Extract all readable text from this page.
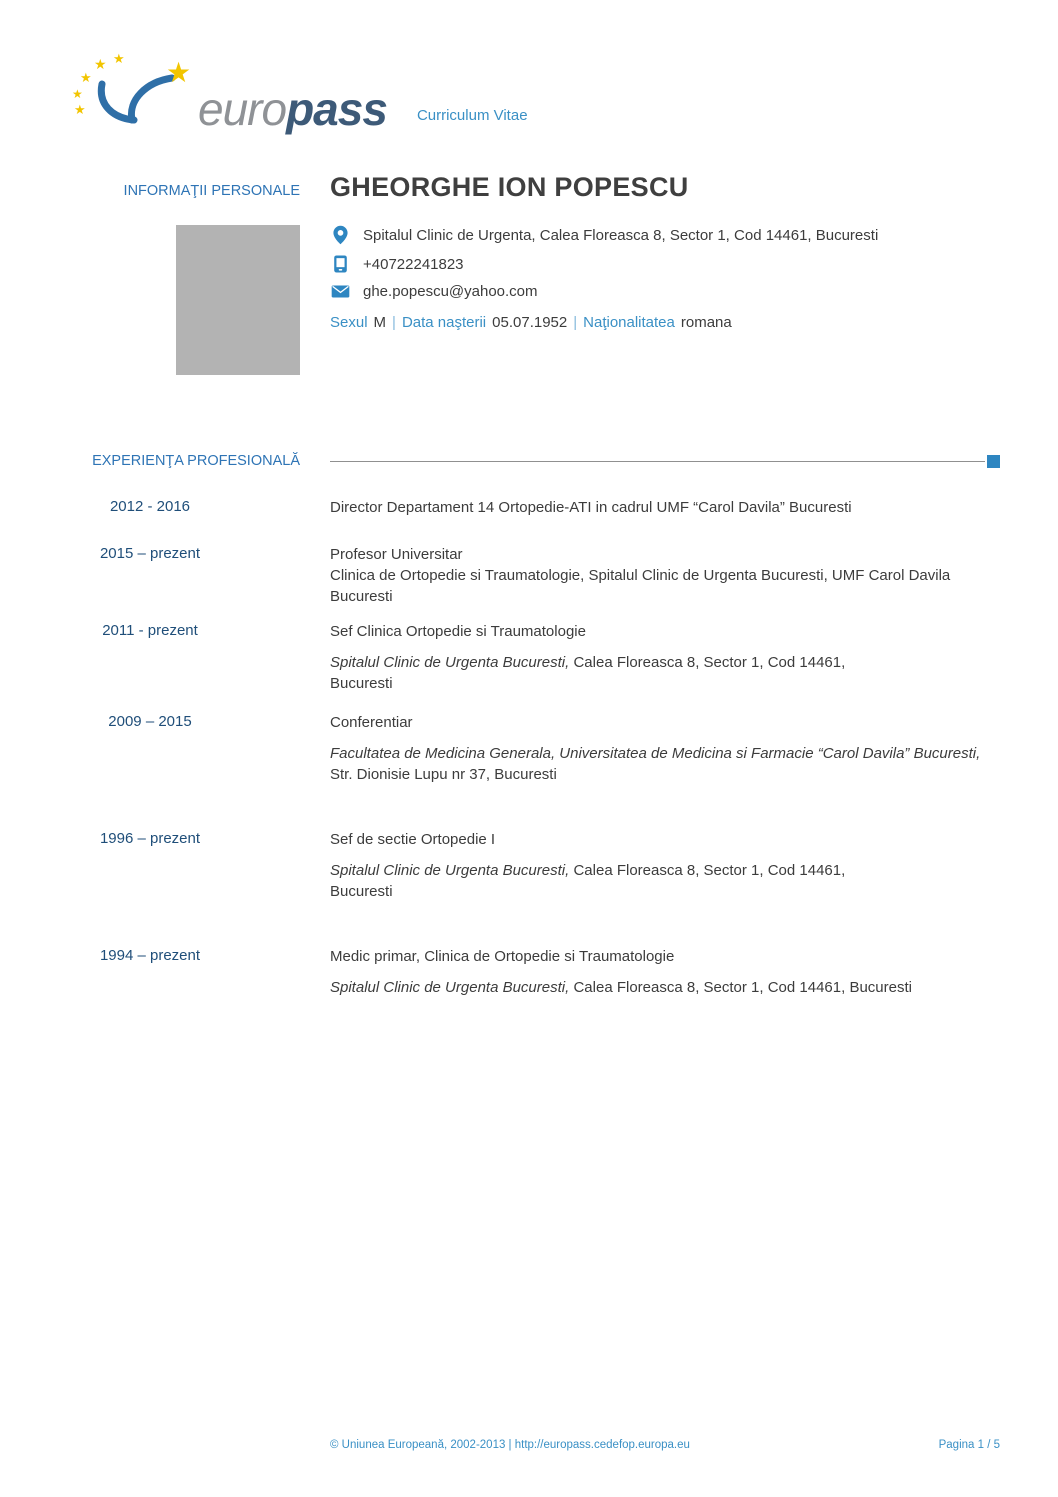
★
★
★
★ ★ ★
europass Curriculum Vitae
INFORMAŢII PERSONALE GHEORGHE ION POPESCU
Spitalul Clinic de Urgenta, Calea Floreasca 8, Sector 1, Cod 14461, Bucuresti
+40722241823
ghe.popescu@yahoo.com
Sexul M | Data naşterii 05.07.1952 | Naţionalitatea romana
EXPERIENŢA PROFESIONALĂ
2012 - 2016	Director Departament 14 Ortopedie-ATI in cadrul UMF “Carol Davila” Bucuresti

2015 – prezent	Profesor Universitar

Clinica de Ortopedie si Traumatologie, Spitalul Clinic de Urgenta Bucuresti, UMF Carol Davila Bucuresti

2011 - prezent	Sef Clinica Ortopedie si Traumatologie

Spitalul Clinic de Urgenta Bucuresti, Calea Floreasca 8, Sector 1, Cod 14461,
Bucuresti

2009 – 2015	Conferentiar

Facultatea de Medicina Generala, Universitatea de Medicina si Farmacie “Carol Davila” Bucuresti, Str. Dionisie Lupu nr 37, Bucuresti

1996 – prezent	Sef de sectie Ortopedie I

Spitalul Clinic de Urgenta Bucuresti, Calea Floreasca 8, Sector 1, Cod 14461,
Bucuresti

1994 – prezent	Medic primar, Clinica de Ortopedie si Traumatologie

Spitalul Clinic de Urgenta Bucuresti, Calea Floreasca 8, Sector 1, Cod 14461, Bucuresti

© Uniunea Europeană, 2002-2013 | http://europass.cedefop.europa.eu	Pagina 1 / 5
